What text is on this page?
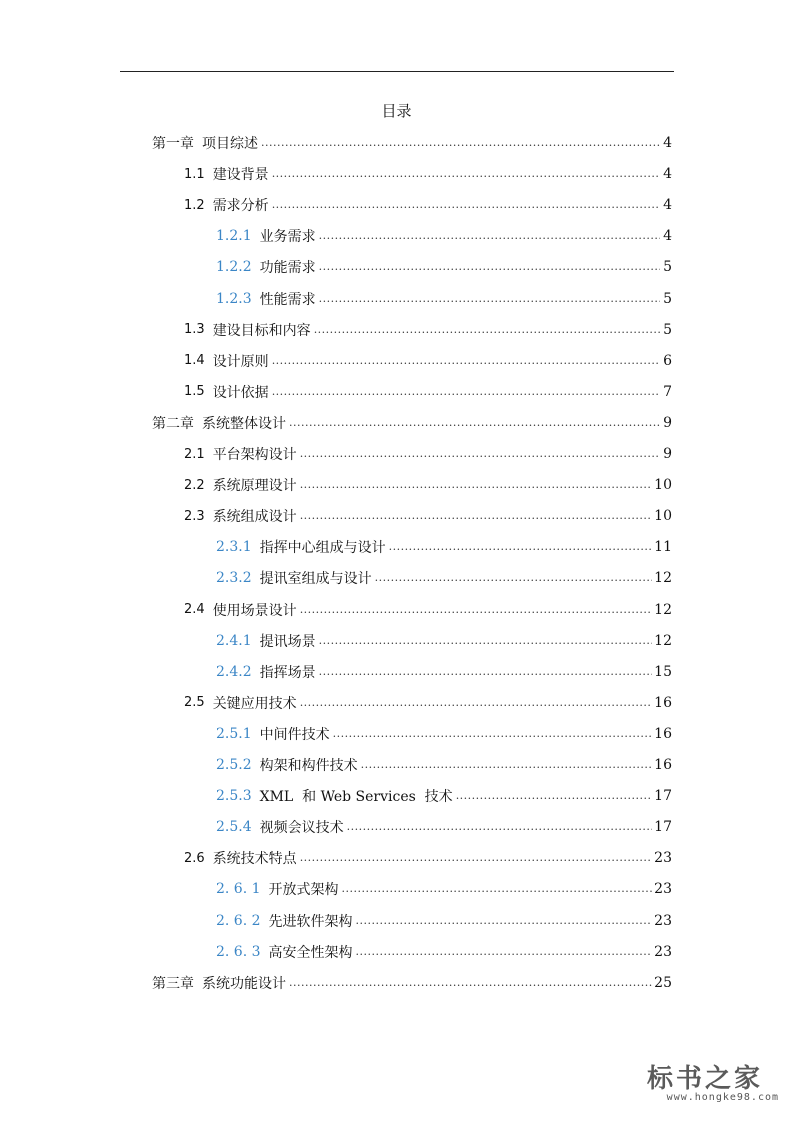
目录
第一章 项目综述 .....	4
1.1 建设背景 .....	4
1.2 需求分析 .....	4
1.2.1 业务需求 .....	4
1.2.2 功能需求 .....	5
1.2.3 性能需求 .....	5
1.3 建设目标和内容 .....	5
1.4 设计原则 .....	6
1.5 设计依据 .....	7
第二章 系统整体设计 .....	9
2.1 平台架构设计 .....	9
2.2 系统原理设计 .....	10
2.3 系统组成设计 .....	10
2.3.1 指挥中心组成与设计 .....	11
2.3.2 提讯室组成与设计 .....	12
2.4 使用场景设计 .....	12
2.4.1 提讯场景 .....	12
2.4.2 指挥场景 .....	15
2.5 关键应用技术 .....	16
2.5.1 中间件技术 .....	16
2.5.2 构架和构件技术 .....	16
2.5.3 XML  和 Web Services  技术 .....	17
2.5.4 视频会议技术 .....	17
2.6 系统技术特点 .....	23
2. 6. 1 开放式架构 .....	23
2. 6. 2 先进软件架构 .....	23
2. 6. 3 高安全性架构 .....	23
第三章 系统功能设计 .....	25
标书之家
www.hongke98.com
